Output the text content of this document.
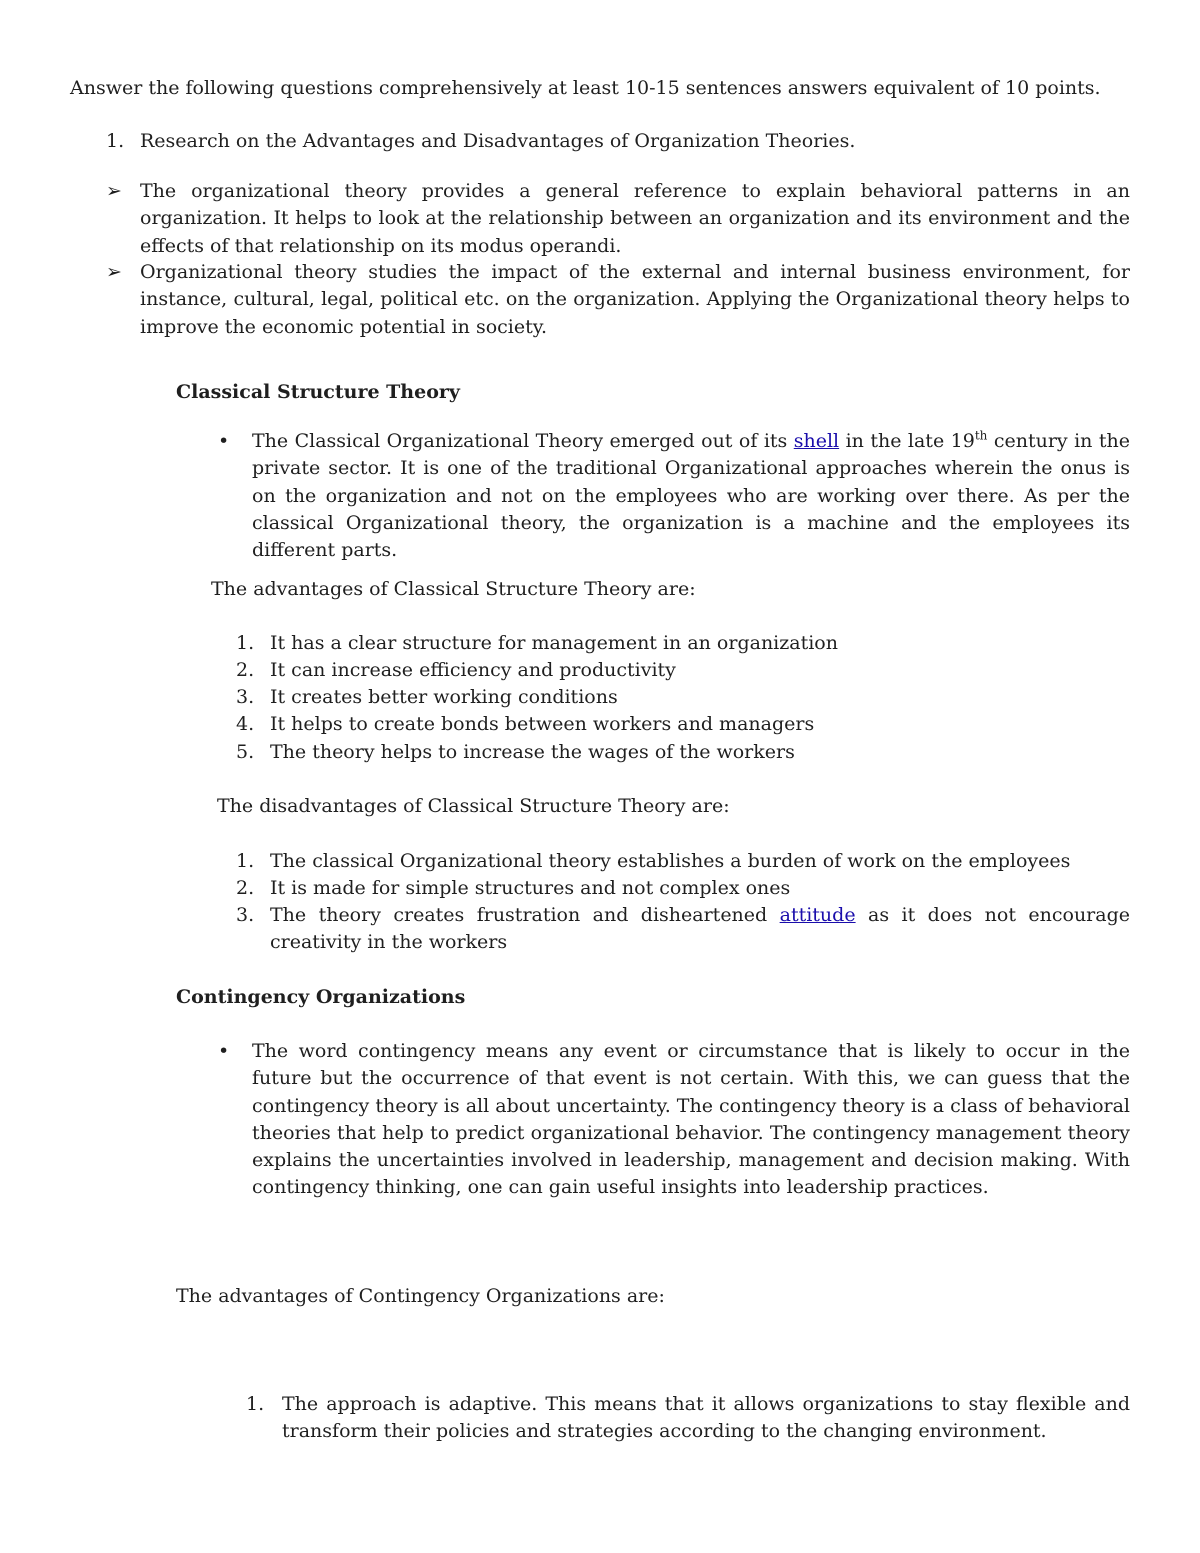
Answer the following questions comprehensively at least 10-15 sentences answers equivalent of 10 points.
1. Research on the Advantages and Disadvantages of Organization Theories.
➢ The organizational theory provides a general reference to explain behavioral patterns in an organization. It helps to look at the relationship between an organization and its environment and the effects of that relationship on its modus operandi.
➢ Organizational theory studies the impact of the external and internal business environment, for instance, cultural, legal, political etc. on the organization. Applying the Organizational theory helps to improve the economic potential in society.
Classical Structure Theory
• The Classical Organizational Theory emerged out of its shell in the late 19th century in the private sector. It is one of the traditional Organizational approaches wherein the onus is on the organization and not on the employees who are working over there. As per the classical Organizational theory, the organization is a machine and the employees its different parts.
The advantages of Classical Structure Theory are:
1. It has a clear structure for management in an organization
2. It can increase efficiency and productivity
3. It creates better working conditions
4. It helps to create bonds between workers and managers
5. The theory helps to increase the wages of the workers
The disadvantages of Classical Structure Theory are:
1. The classical Organizational theory establishes a burden of work on the employees
2. It is made for simple structures and not complex ones
3. The theory creates frustration and disheartened attitude as it does not encourage creativity in the workers
Contingency Organizations
• The word contingency means any event or circumstance that is likely to occur in the future but the occurrence of that event is not certain. With this, we can guess that the contingency theory is all about uncertainty. The contingency theory is a class of behavioral theories that help to predict organizational behavior. The contingency management theory explains the uncertainties involved in leadership, management and decision making. With contingency thinking, one can gain useful insights into leadership practices.
The advantages of Contingency Organizations are:
1. The approach is adaptive. This means that it allows organizations to stay flexible and transform their policies and strategies according to the changing environment.
